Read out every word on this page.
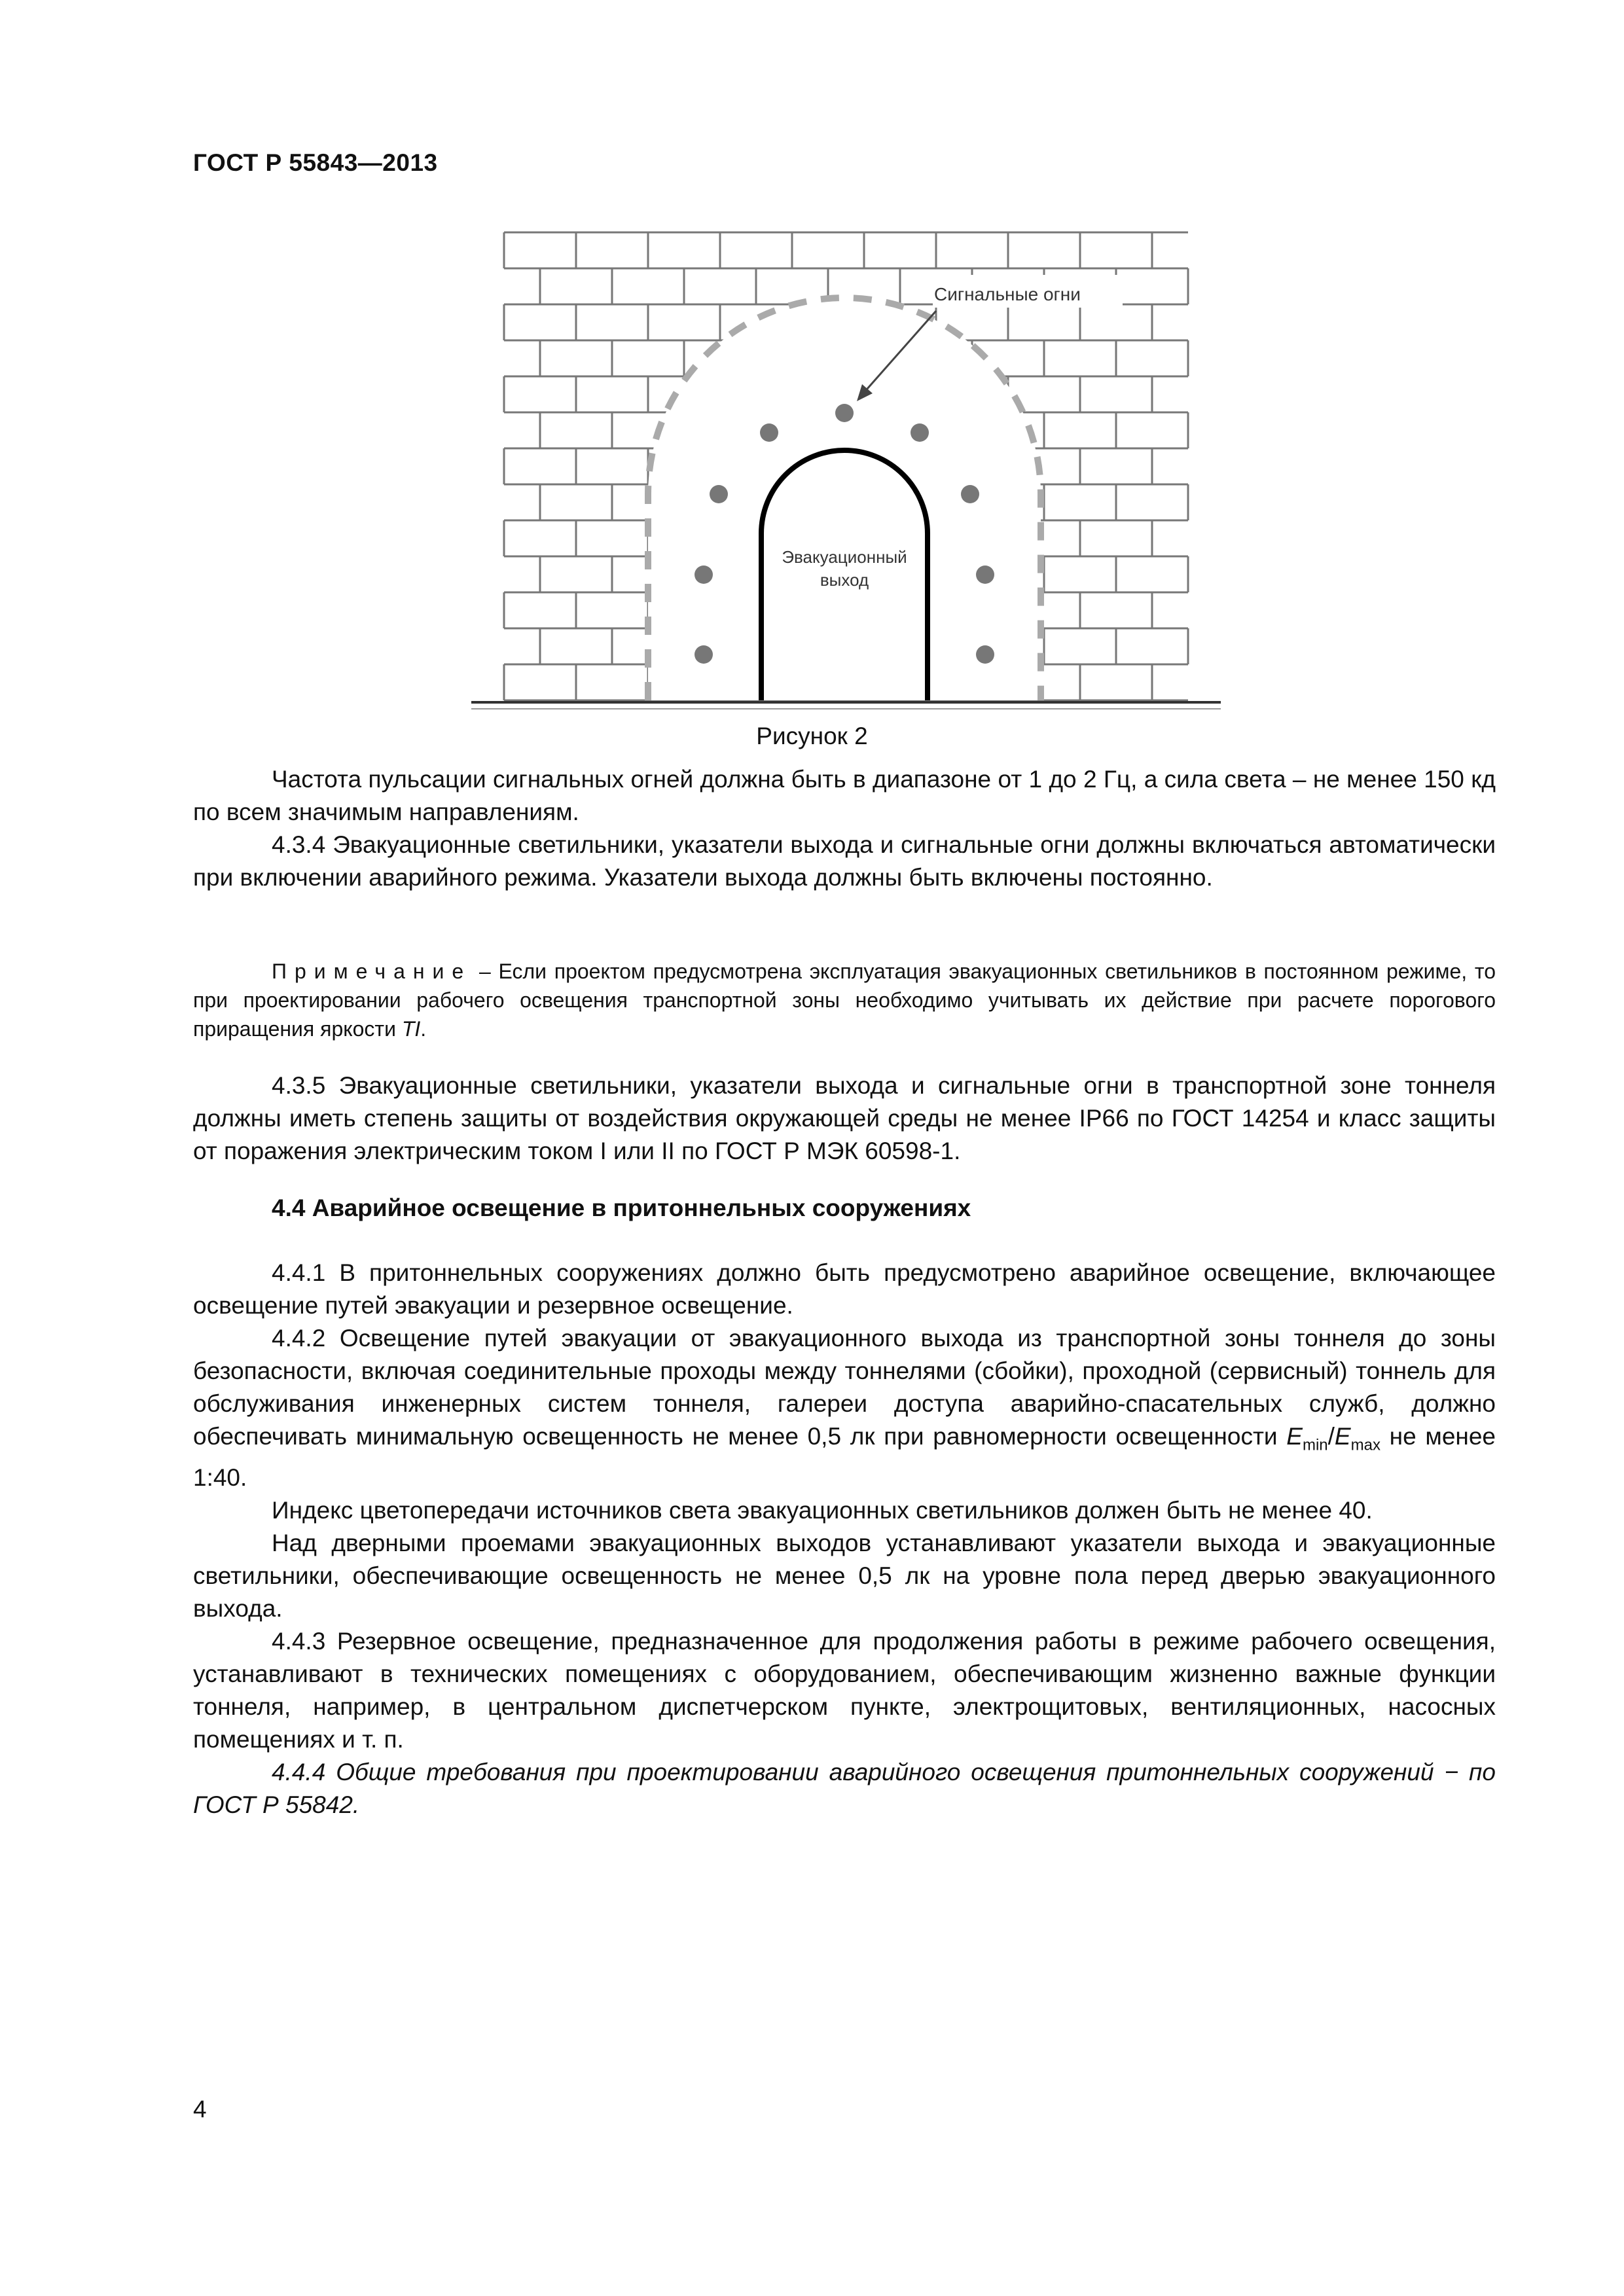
ГОСТ Р 55843—2013
Сигнальные огни
Эвакуационный
выход
Рисунок 2

Частота пульсации сигнальных огней должна быть в диапазоне от 1 до 2 Гц, а сила света – не менее 150 кд по всем значимым направлениям.

4.3.4 Эвакуационные светильники, указатели выхода и сигнальные огни должны включаться автоматически при включении аварийного режима. Указатели выхода должны быть включены постоянно.

Примечание – Если проектом предусмотрена эксплуатация эвакуационных светильников в постоянном режиме, то при проектировании рабочего освещения транспортной зоны необходимо учитывать их действие при расчете порогового приращения яркости TI.

4.3.5 Эвакуационные светильники, указатели выхода и сигнальные огни в транспортной зоне тоннеля должны иметь степень защиты от воздействия окружающей среды не менее IP66 по ГОСТ 14254 и класс защиты от поражения электрическим током I или II по ГОСТ Р МЭК 60598-1.

4.4 Аварийное освещение в притоннельных сооружениях

4.4.1 В притоннельных сооружениях должно быть предусмотрено аварийное освещение, включающее освещение путей эвакуации и резервное освещение.

4.4.2 Освещение путей эвакуации от эвакуационного выхода из транспортной зоны тоннеля до зоны безопасности, включая соединительные проходы между тоннелями (сбойки), проходной (сервисный) тоннель для обслуживания инженерных систем тоннеля, галереи доступа аварийно-спасательных служб, должно обеспечивать минимальную освещенность не менее 0,5 лк при равномерности освещенности $E_{min}/E_{max}$ не менее 1:40.

Индекс цветопередачи источников света эвакуационных светильников должен быть не менее 40.

Над дверными проемами эвакуационных выходов устанавливают указатели выхода и эвакуационные светильники, обеспечивающие освещенность не менее 0,5 лк на уровне пола перед дверью эвакуационного выхода.

4.4.3 Резервное освещение, предназначенное для продолжения работы в режиме рабочего освещения, устанавливают в технических помещениях с оборудованием, обеспечивающим жизненно важные функции тоннеля, например, в центральном диспетчерском пункте, электрощитовых, вентиляционных, насосных помещениях и т. п.

4.4.4 Общие требования при проектировании аварийного освещения притоннельных сооружений − по ГОСТ Р 55842.

4
